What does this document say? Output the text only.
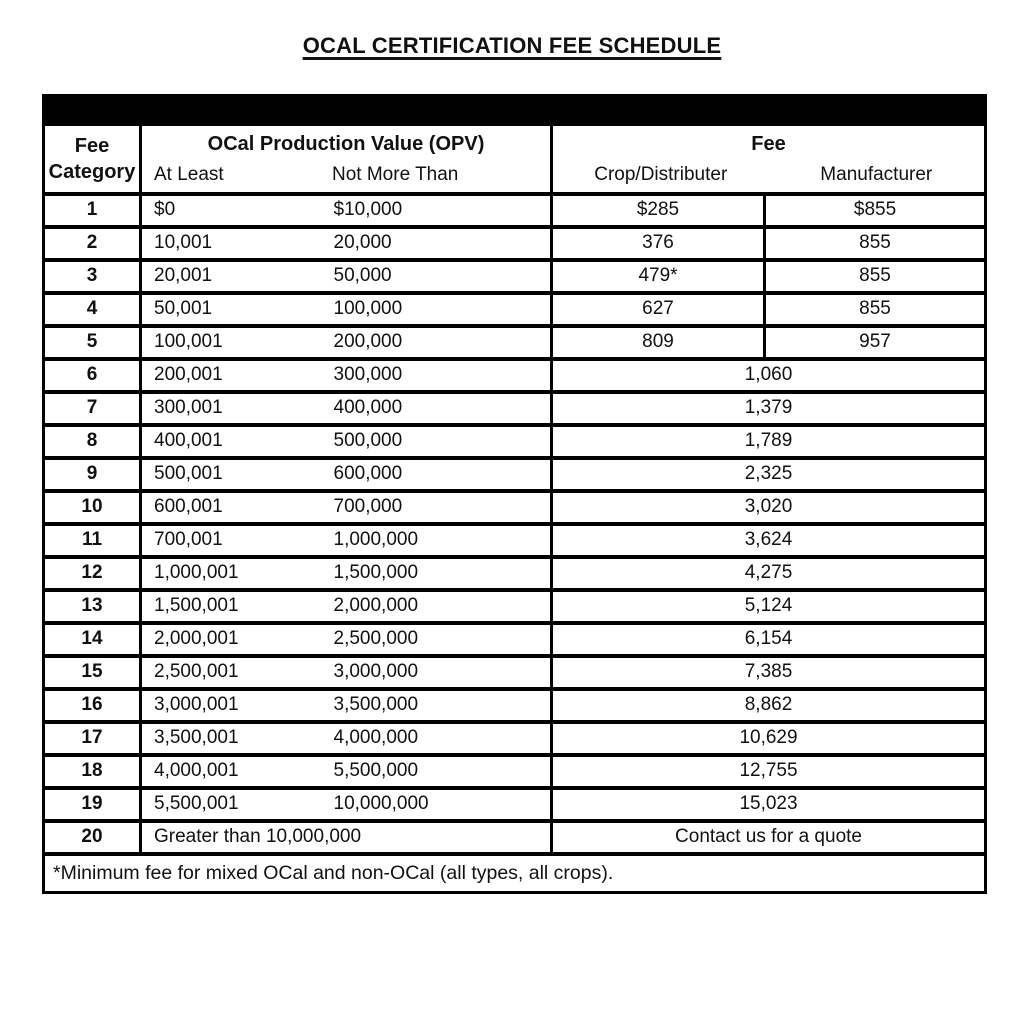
OCAL CERTIFICATION FEE SCHEDULE

Fee
Category

OCal Production Value (OPV)
At Least	Not More Than

Fee
Crop/Distributer	Manufacturer

1	$0	$10,000	$285	$855
2	10,001	20,000	376	855
3	20,001	50,000	479*	855
4	50,001	100,000	627	855
5	100,001	200,000	809	957
6	200,001	300,000	1,060	
7	300,001	400,000	1,379	
8	400,001	500,000	1,789	
9	500,001	600,000	2,325	
10	600,001	700,000	3,020	
11	700,001	1,000,000	3,624	
12	1,000,001	1,500,000	4,275	
13	1,500,001	2,000,000	5,124	
14	2,000,001	2,500,000	6,154	
15	2,500,001	3,000,000	7,385	
16	3,000,001	3,500,000	8,862	
17	3,500,001	4,000,000	10,629	
18	4,000,001	5,500,000	12,755	
19	5,500,001	10,000,000	15,023	
20	Greater than 10,000,000		Contact us for a quote	
*Minimum fee for mixed OCal and non-OCal (all types, all crops).				
